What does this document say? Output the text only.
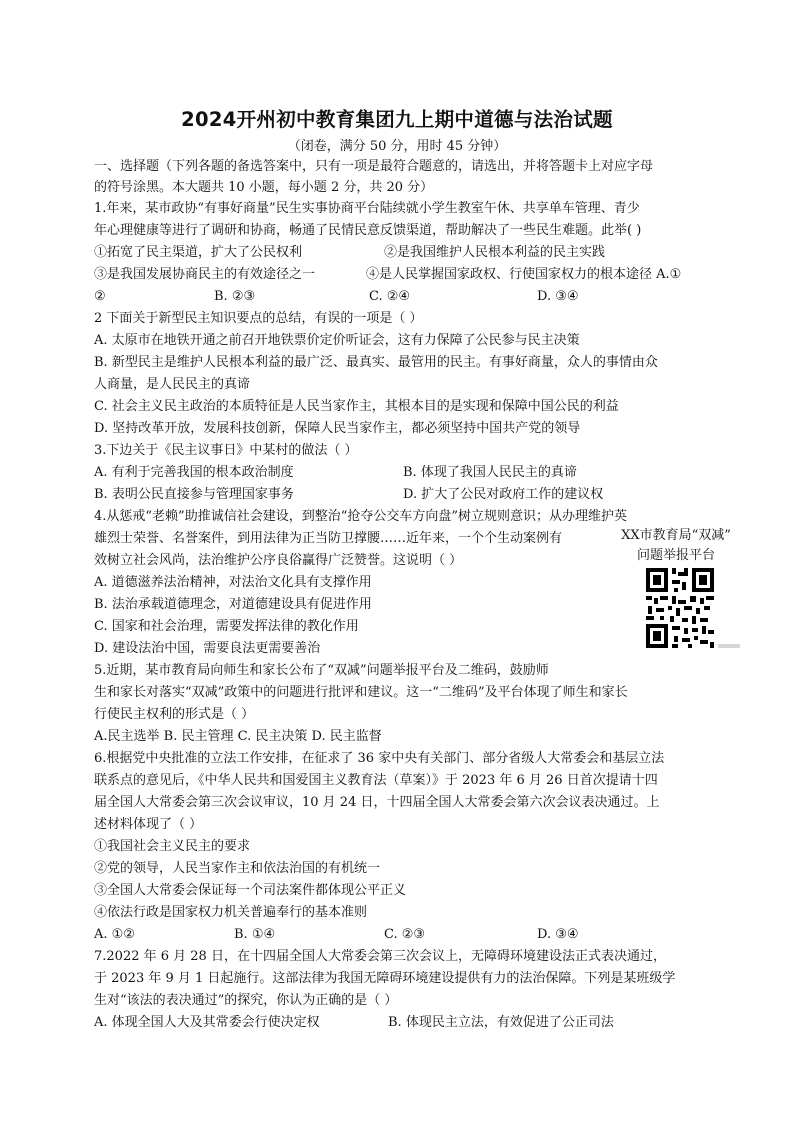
2024开州初中教育集团九上期中道德与法治试题
（闭卷，满分 50 分，用时 45 分钟）
一、选择题（下列各题的备选答案中，只有一项是最符合题意的，请选出，并将答题卡上对应字母
的符号涂黑。本大题共 10 小题，每小题 2 分，共 20 分）
1.年来，某市政协“有事好商量”民生实事协商平台陆续就小学生教室午休、共享单车管理、青少
年心理健康等进行了调研和协商，畅通了民情民意反馈渠道，帮助解决了一些民生难题。此举( )
①拓宽了民主渠道，扩大了公民权利	②是我国维护人民根本利益的民主实践
③是我国发展协商民主的有效途径之一	④是人民掌握国家政权、行使国家权力的根本途径 A.①
②	B. ②③	C. ②④	D. ③④
2 下面关于新型民主知识要点的总结，有误的一项是（ ）
A. 太原市在地铁开通之前召开地铁票价定价听证会，这有力保障了公民参与民主决策
B. 新型民主是维护人民根本利益的最广泛、最真实、最管用的民主。有事好商量，众人的事情由众
人商量，是人民民主的真谛
C. 社会主义民主政治的本质特征是人民当家作主，其根本目的是实现和保障中国公民的利益
D. 坚持改革开放，发展科技创新，保障人民当家作主，都必须坚持中国共产党的领导
3.下边关于《民主议事日》中某村的做法（ ）
A. 有利于完善我国的根本政治制度	B. 体现了我国人民民主的真谛
B. 表明公民直接参与管理国家事务	D. 扩大了公民对政府工作的建议权
4.从惩戒“老赖”助推诚信社会建设，到整治“抢夺公交车方向盘”树立规则意识；从办理维护英
雄烈士荣誉、名誉案件，到用法律为正当防卫撑腰……近年来，一个个生动案例有
效树立社会风尚，法治维护公序良俗赢得广泛赞誉。这说明（ ）
A. 道德滋养法治精神，对法治文化具有支撑作用
B. 法治承载道德理念，对道德建设具有促进作用
C. 国家和社会治理，需要发挥法律的教化作用
D. 建设法治中国，需要良法更需要善治
XX市教育局“双减”
问题举报平台
5.近期，某市教育局向师生和家长公布了“双减”问题举报平台及二维码，鼓励师
生和家长对落实“双减”政策中的问题进行批评和建议。这一“二维码”及平台体现了师生和家长
行使民主权利的形式是（ ）
A.民主选举 B. 民主管理 C. 民主决策 D. 民主监督
6.根据党中央批准的立法工作安排，在征求了 36 家中央有关部门、部分省级人大常委会和基层立法
联系点的意见后，《中华人民共和国爱国主义教育法（草案）》于 2023 年 6 月 26 日首次提请十四
届全国人大常委会第三次会议审议，10 月 24 日，十四届全国人大常委会第六次会议表决通过。上
述材料体现了（ ）
①我国社会主义民主的要求
②党的领导，人民当家作主和依法治国的有机统一
③全国人大常委会保证每一个司法案件都体现公平正义
④依法行政是国家权力机关普遍奉行的基本准则
A. ①②	B. ①④	C. ②③	D. ③④
7.2022 年 6 月 28 日，在十四届全国人大常委会第三次会议上，无障碍环境建设法正式表决通过，
于 2023 年 9 月 1 日起施行。这部法律为我国无障碍环境建设提供有力的法治保障。下列是某班级学
生对“该法的表决通过”的探究，你认为正确的是（ ）
A. 体现全国人大及其常委会行使决定权	B. 体现民主立法，有效促进了公正司法
